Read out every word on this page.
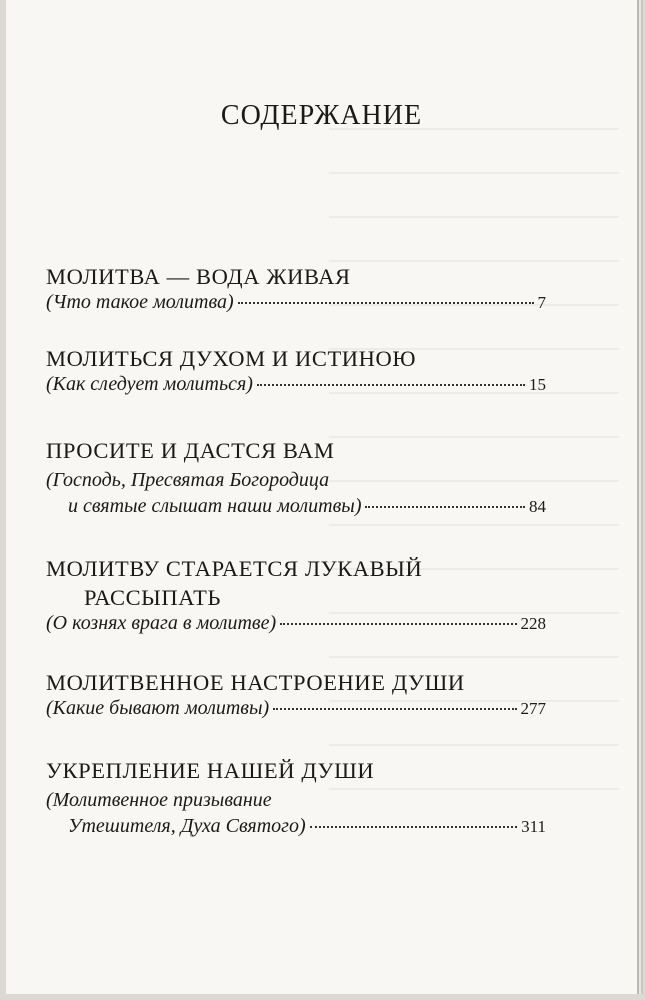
СОДЕРЖАНИЕ
МОЛИТВА — ВОДА ЖИВАЯ
(Что такое молитва)	7
МОЛИТЬСЯ ДУХОМ И ИСТИНОЮ
(Как следует молиться)	15
ПРОСИТЕ И ДАСТСЯ ВАМ
(Господь, Пресвятая Богородица
и святые слышат наши молитвы)	84
МОЛИТВУ СТАРАЕТСЯ ЛУКАВЫЙ
РАССЫПАТЬ
(О кознях врага в молитве)	228
МОЛИТВЕННОЕ НАСТРОЕНИЕ ДУШИ
(Какие бывают молитвы)	277
УКРЕПЛЕНИЕ НАШЕЙ ДУШИ
(Молитвенное призывание
Утешителя, Духа Святого)	311
